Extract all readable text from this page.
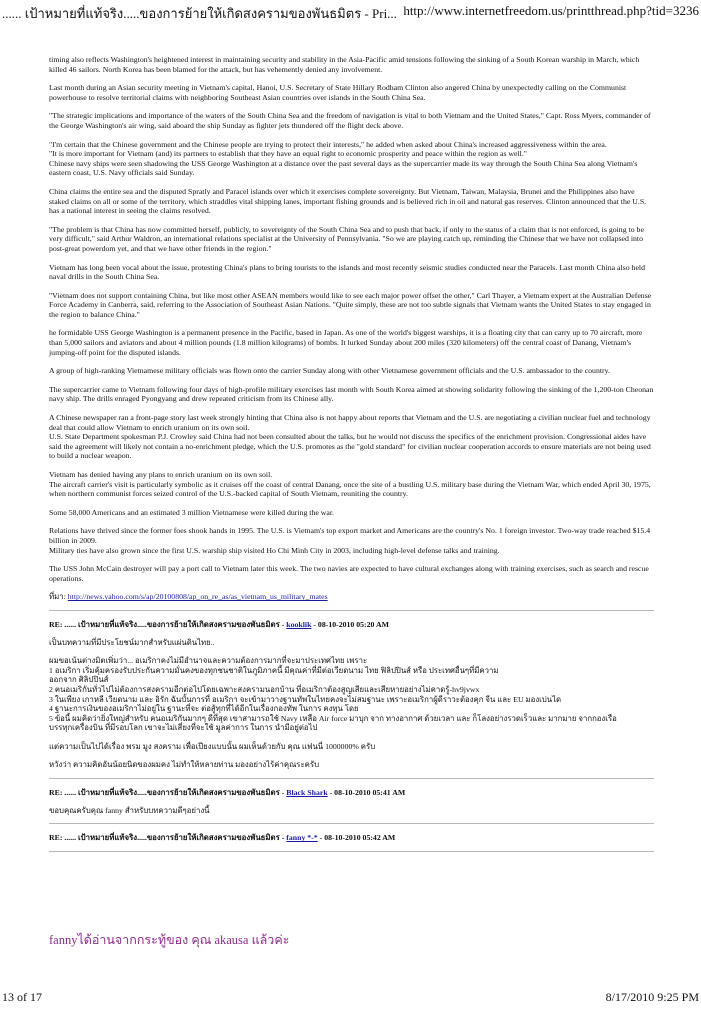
...... เป้าหมายที่แท้จริง.....ของการย้ายให้เกิดสงครามของพันธมิตร - Pri... http://www.internetfreedom.us/printthread.php?tid=3236

timing also reflects Washington's heightened interest in maintaining security and stability in the Asia-Pacific amid tensions following the sinking of a South Korean warship in March, which killed 46 sailors. North Korea has been blamed for the attack, but has vehemently denied any involvement.

Last month during an Asian security meeting in Vietnam's capital, Hanoi, U.S. Secretary of State Hillary Rodham Clinton also angered China by unexpectedly calling on the Communist powerhouse to resolve territorial claims with neighboring Southeast Asian countries over islands in the South China Sea.

"The strategic implications and importance of the waters of the South China Sea and the freedom of navigation is vital to both Vietnam and the United States," Capt. Ross Myers, commander of the George Washington's air wing, said aboard the ship Sunday as fighter jets thundered off the flight deck above.

"I'm certain that the Chinese government and the Chinese people are trying to protect their interests," he added when asked about China's increased aggressiveness within the area.
"It is more important for Vietnam (and) its partners to establish that they have an equal right to economic prosperity and peace within the region as well."
Chinese navy ships were seen shadowing the USS George Washington at a distance over the past several days as the supercarrier made its way through the South China Sea along Vietnam's eastern coast, U.S. Navy officials said Sunday.

China claims the entire sea and the disputed Spratly and Paracel islands over which it exercises complete sovereignty. But Vietnam, Taiwan, Malaysia, Brunei and the Philippines also have staked claims on all or some of the territory, which straddles vital shipping lanes, important fishing grounds and is believed rich in oil and natural gas reserves. Clinton announced that the U.S. has a national interest in seeing the claims resolved.

"The problem is that China has now committed herself, publicly, to sovereignty of the South China Sea and to push that back, if only to the status of a claim that is not enforced, is going to be very difficult," said Arthur Waldron, an international relations specialist at the University of Pennsylvania. "So we are playing catch up, reminding the Chinese that we have not collapsed into post-great powerdom yet, and that we have other friends in the region."

Vietnam has long been vocal about the issue, protesting China's plans to bring tourists to the islands and most recently seismic studies conducted near the Paracels. Last month China also held naval drills in the South China Sea.

"Vietnam does not support containing China, but like most other ASEAN members would like to see each major power offset the other," Carl Thayer, a Vietnam expert at the Australian Defense Force Academy in Canberra, said, referring to the Association of Southeast Asian Nations. "Quite simply, these are not too subtle signals that Vietnam wants the United States to stay engaged in the region to balance China."

he formidable USS George Washington is a permanent presence in the Pacific, based in Japan. As one of the world's biggest warships, it is a floating city that can carry up to 70 aircraft, more than 5,000 sailors and aviators and about 4 million pounds (1.8 million kilograms) of bombs. It lurked Sunday about 200 miles (320 kilometers) off the central coast of Danang, Vietnam's jumping-off point for the disputed islands.

A group of high-ranking Vietnamese military officials was flown onto the carrier Sunday along with other Vietnamese government officials and the U.S. ambassador to the country.

The supercarrier came to Vietnam following four days of high-profile military exercises last month with South Korea aimed at showing solidarity following the sinking of the 1,200-ton Cheonan navy ship. The drills enraged Pyongyang and drew repeated criticism from its Chinese ally.

A Chinese newspaper ran a front-page story last week strongly hinting that China also is not happy about reports that Vietnam and the U.S. are negotiating a civilian nuclear fuel and technology deal that could allow Vietnam to enrich uranium on its own soil.
U.S. State Department spokesman P.J. Crowley said China had not been consulted about the talks, but he would not discuss the specifics of the enrichment provision. Congressional aides have said the agreement will likely not contain a no-enrichment pledge, which the U.S. promotes as the "gold standard" for civilian nuclear cooperation accords to ensure materials are not being used to build a nuclear weapon.

Vietnam has denied having any plans to enrich uranium on its own soil.
The aircraft carrier's visit is particularly symbolic as it cruises off the coast of central Danang, once the site of a bustling U.S. military base during the Vietnam War, which ended April 30, 1975, when northern communist forces seized control of the U.S.-backed capital of South Vietnam, reuniting the country.

Some 58,000 Americans and an estimated 3 million Vietnamese were killed during the war.

Relations have thrived since the former foes shook hands in 1995. The U.S. is Vietnam's top export market and Americans are the country's No. 1 foreign investor. Two-way trade reached $15.4 billion in 2009.
Military ties have also grown since the first U.S. warship ship visited Ho Chi Minh City in 2003, including high-level defense talks and training.

The USS John McCain destroyer will pay a port call to Vietnam later this week. The two navies are expected to have cultural exchanges along with training exercises, such as search and rescue operations.

ที่มา: http://news.yahoo.com/s/ap/20100808/ap_on_re_as/as_vietnam_us_military_mates
RE: ...... เป้าหมายที่แท้จริง.....ของการย้ายให้เกิดสงครามของพันธมิตร - kooklik - 08-10-2010 05:20 AM
เป็นบทความที่มีประโยชน์มากสำหรับแผ่นดินไทย..
ผมขอเน้นต่างมิตเพิ่มว่า... อเมริกาคงไม่มีอำนาจและความต้องการมากที่จะมาประเทศไทย เพราะ
1 อเมริกา เริ่มคุ้มครองรับประกันความมั่นคงของทุกชนชาติในภูมิภาคนี้ มีคุณค่าที่มีต่อเวียดนาม ไทย ฟิลิปปินส์ หรือ ประเทศอื่นๆที่มีความ
ออกจาก ศิลิปปินส์
2 ฅนอเมริกันทั่วไปไม่ต้องการสงครามอีกต่อไปโดยเฉพาะสงครามนอกบ้าน ที่อเมริกาต้องสูญเสียและเสียหายอย่างไม่คาดรู้-hv9jvwx
3 ในเพียง เกาหลี เวียดนาม และ อิรัก ฉันบั้นการที่ อเมริกา จะเข้ามาวางฐานทัพในไทยคงจะไม่สมฐานะ เพราะอเมริกาผู้ดีราวะต้องคุก จีน และ EU มองเบ่นได
4 ฐานะการเงินของอเมริกาไม่อยู่ใน ฐานะที่จะ ต่อสู้ทุกที่ได้อีกในเรื่องกองทัพ ในการ คงทุน โดย
5 ข้อนี้ ผมคิดว่ายิ่งใหญ่สำหรับ คนอเมริกันมากๆ ดีที่สุด เขาสามารถใช้ Navy เหลือ Air force มาบุก จาก ทางอากาศ ด้วยเวลา และ ก็โลงอย่างรวดเร็วและ มากมาย จากกองเรือ
บรรทุกเครื่องบิน ที่มีรอบโลก เขาจะไม่เสี่ยงที่จะใช้ มูลค่าการ ในการ นำมีอยู่ต่อไป
แต่ความเป็นไปได้เรื่อง พรม มูง สงคราม เพื่อเปียงแบบนั้น ผมเห็นด้วยกับ คุณ แฟนนี่ 1000000% ครับ
หวังว่า ความคิดอันน้อยนิดของผมคง ไม่ทำให้หลายท่าน มองอย่างไร้ค่าคุณระครับ
RE: ...... เป้าหมายที่แท้จริง.....ของการย้ายให้เกิดสงครามของพันธมิตร - Black Shark - 08-10-2010 05:41 AM
ขอบคุณครับคุณ fanny สำหรับบทความดีๆอย่างนี้
RE: ...... เป้าหมายที่แท้จริง.....ของการย้ายให้เกิดสงครามของพันธมิตร - fanny *-* - 08-10-2010 05:42 AM
fannyได้อ่านจากกระทู้ของ คุณ akausa แล้วค่ะ
13 of 17	8/17/2010 9:25 PM
